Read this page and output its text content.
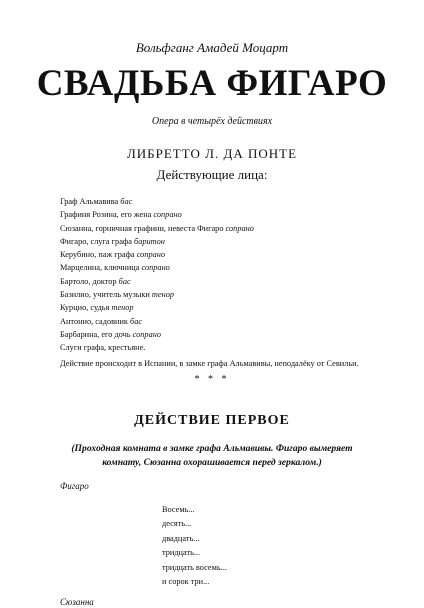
Вольфганг Амадей Моцарт

СВАДЬБА ФИГАРО

Опера в четырёх действиях

ЛИБРЕТТО Л. ДА ПОНТЕ

Действующие лица:

Граф Альмавива бас
Графиня Розина, его жена сопрано
Сюзанна, горничная графини, невеста Фигаро сопрано
Фигаро, слуга графа баритон
Керубино, паж графа сопрано
Марцелина, ключница сопрано
Бартоло, доктор бас
Базилио, учитель музыки тенор
Курцио, судья тенор
Антонио, садовник бас
Барбарина, его дочь сопрано
Слуги графа, крестьяне.

Действие происходит в Испании, в замке графа Альмавивы, неподалёку от Севильи.

* * *

ДЕЙСТВИЕ ПЕРВОЕ

(Проходная комната в замке графа Альмавивы. Фигаро вымеряет комнату, Сюзанна охорашивается перед зеркалом.)

Фигаро
Восемь...
десять...
двадцать...
тридцать...
тридцать восемь...
и сорок три...
Сюзанна
